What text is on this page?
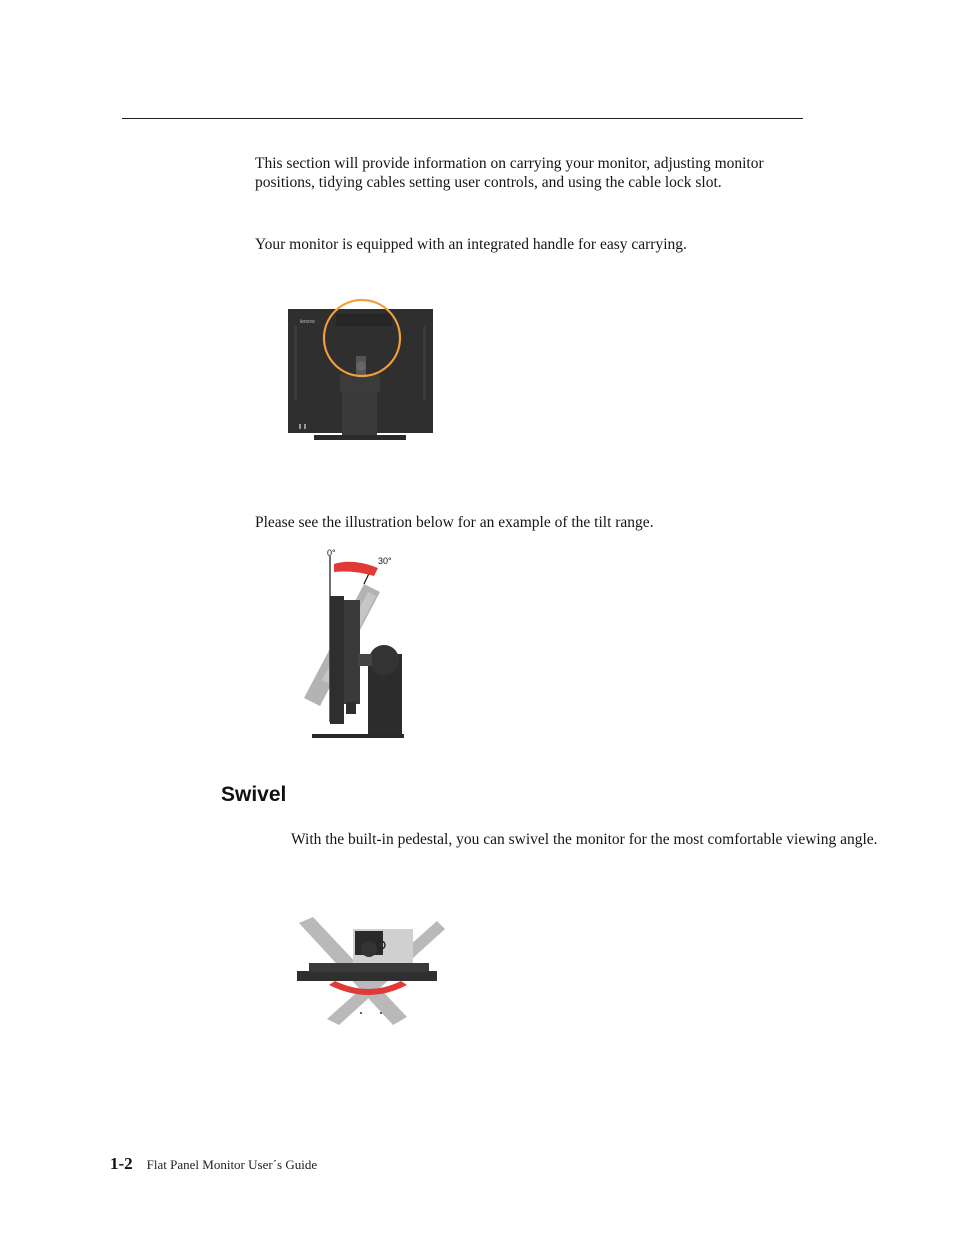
This section will provide information on carrying your monitor, adjusting monitor positions, tidying cables setting user controls, and using the cable lock slot.

Your monitor is equipped with an integrated handle for easy carrying.

lenovo

Please see the illustration below for an example of the tilt range.

0°
30°
Swivel

With the built-in pedestal, you can swivel the monitor for the most comfortable viewing angle.

1-2 Flat Panel Monitor User´s Guide
